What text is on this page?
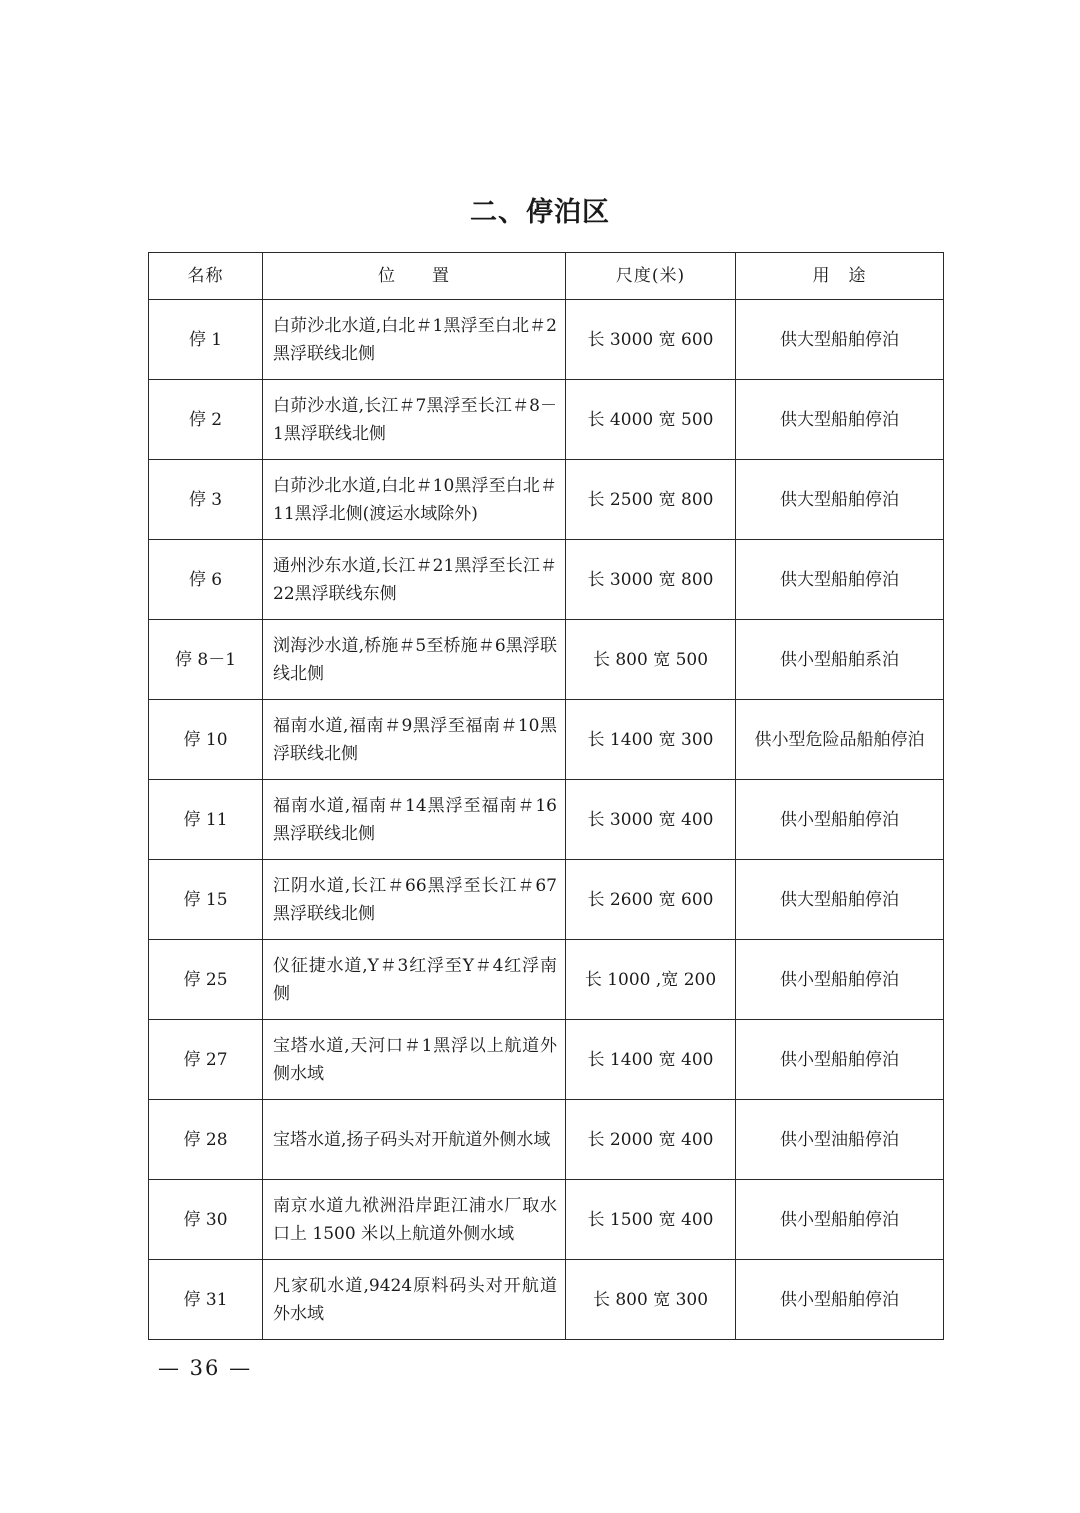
二、停泊区
名称	位　　置	尺度(米)	用　途
停 1	白茆沙北水道,白北＃1黑浮至白北＃2黑浮联线北侧	长 3000 宽 600	供大型船舶停泊
停 2	白茆沙水道,长江＃7黑浮至长江＃8－1黑浮联线北侧	长 4000 宽 500	供大型船舶停泊
停 3	白茆沙北水道,白北＃10黑浮至白北＃11黑浮北侧(渡运水域除外)	长 2500 宽 800	供大型船舶停泊
停 6	通州沙东水道,长江＃21黑浮至长江＃22黑浮联线东侧	长 3000 宽 800	供大型船舶停泊
停 8－1	浏海沙水道,桥施＃5至桥施＃6黑浮联线北侧	长 800 宽 500	供小型船舶系泊
停 10	福南水道,福南＃9黑浮至福南＃10黑浮联线北侧	长 1400 宽 300	供小型危险品船舶停泊
停 11	福南水道,福南＃14黑浮至福南＃16黑浮联线北侧	长 3000 宽 400	供小型船舶停泊
停 15	江阴水道,长江＃66黑浮至长江＃67黑浮联线北侧	长 2600 宽 600	供大型船舶停泊
停 25	仪征捷水道,Y＃3红浮至Y＃4红浮南侧	长 1000 ,宽 200	供小型船舶停泊
停 27	宝塔水道,天河口＃1黑浮以上航道外侧水域	长 1400 宽 400	供小型船舶停泊
停 28	宝塔水道,扬子码头对开航道外侧水域	长 2000 宽 400	供小型油船停泊
停 30	南京水道九袱洲沿岸距江浦水厂取水口上 1500 米以上航道外侧水域	长 1500 宽 400	供小型船舶停泊
停 31	凡家矶水道,9424原料码头对开航道外水域	长 800 宽 300	供小型船舶停泊
— 36 —
